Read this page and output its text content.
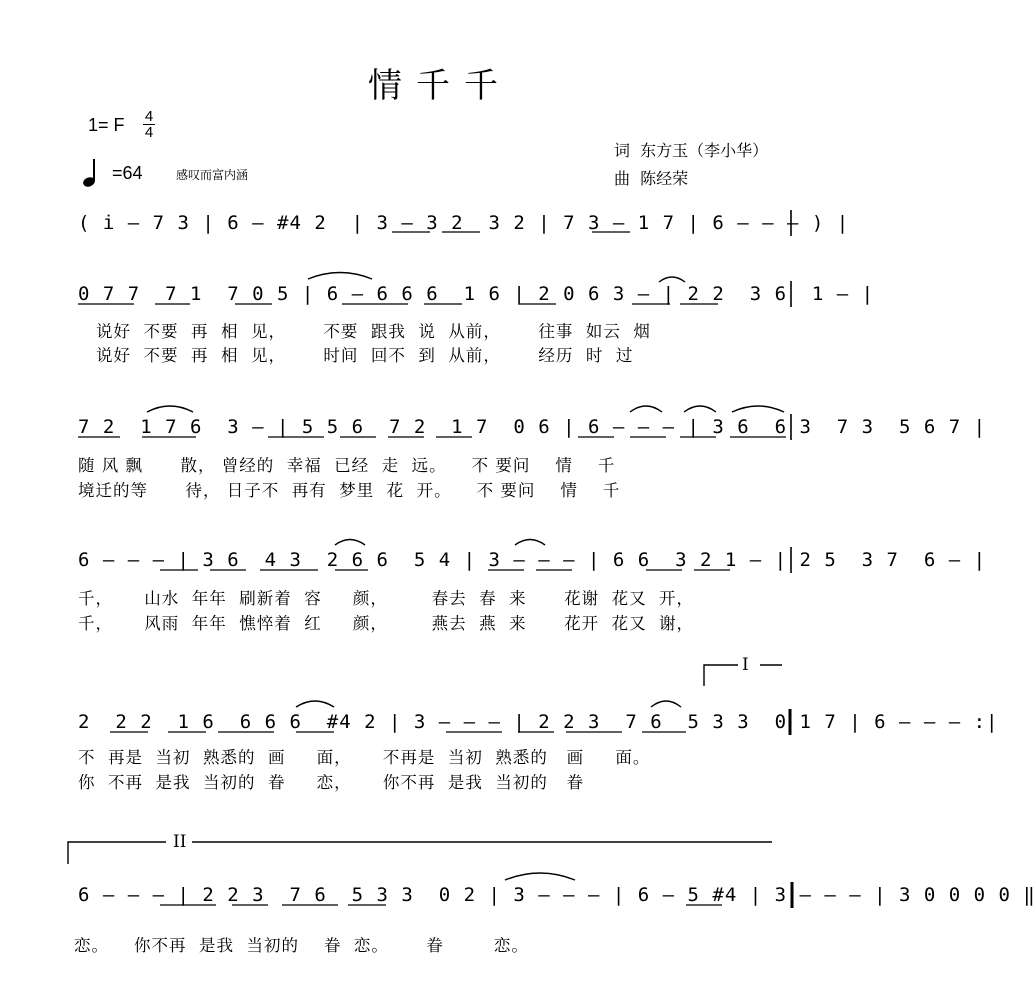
情千千
1= F 4
4
=64	感叹而富内涵
词  东方玉（李小华）
曲  陈经荣
( i̇ – 7 3 | 6 – #4 2  | 3 – 3 2  3 2 | 7 3 – 1 7 | 6 – – – ) |
0 7 7  7 1  7 0 5 | 6 – 6 6 6  1 6 | 2 0 6 3 – | 2 2  3 6  1 – |
说好  不要  再  相  见，      不要  跟我  说  从前，      往事  如云  烟
说好  不要  再  相  见，      时间  回不  到  从前，      经历  时  过
7 2  1 7 6  3 – | 5 5 6  7 2  1 7  0 6 | 6 – – – | 3 6  6 3  7 3  5 6 7 |
随 风 飘      散， 曾经的  幸福  已经  走  远。    不 要问    情    千
境迁的等      待， 日子不  再有  梦里  花  开。    不 要问    情    千
6 – – – | 3 6  4 3  2 6 6  5 4 | 3 – – – | 6 6  3 2 1 – | 2 5  3 7  6 – |
千，     山水  年年  刷新着  容     颜，       春去  春  来      花谢  花又  开，
千，     风雨  年年  憔悴着  红     颜，       燕去  燕  来      花开  花又  谢，
I
2  2 2  1 6  6 6 6  #4 2 | 3 – – – | 2 2 3  7 6  5 3 3  0 1 7 | 6 – – – :|
不  再是  当初  熟悉的  画     面，     不再是  当初  熟悉的   画     面。
你  不再  是我  当初的  眷     恋，     你不再  是我  当初的   眷
II
6 – – – | 2 2 3  7 6  5 3 3  0 2 | 3 – – – | 6 – 5 #4 | 3 – – – | 3 0 0 0 0 ‖
恋。    你不再  是我  当初的    眷  恋。      眷        恋。
